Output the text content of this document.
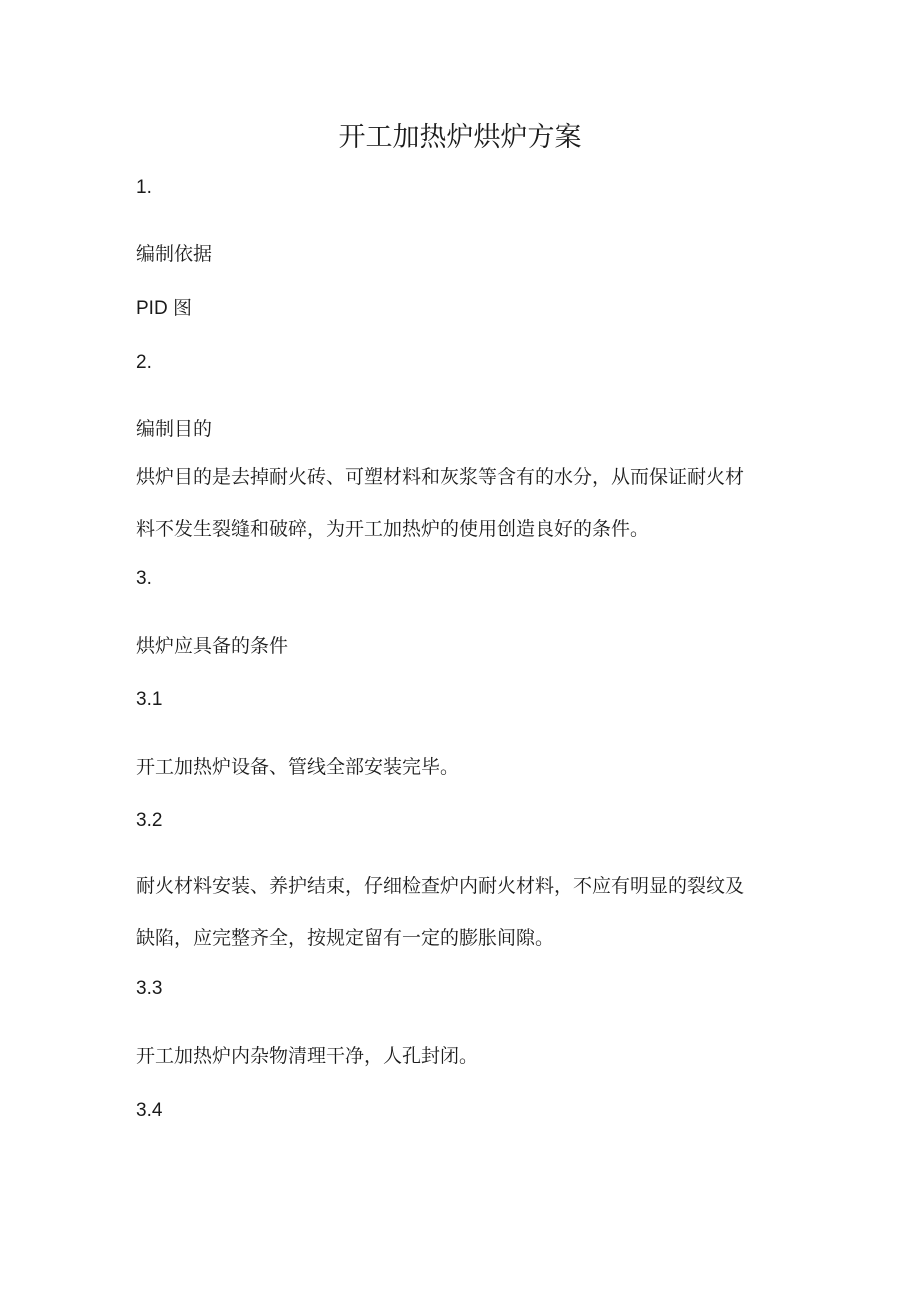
开工加热炉烘炉方案

1.

编制依据

PID 图

2.

编制目的

烘炉目的是去掉耐火砖、可塑材料和灰浆等含有的水分，从而保证耐火材
料不发生裂缝和破碎，为开工加热炉的使用创造良好的条件。

3.

烘炉应具备的条件

3.1

开工加热炉设备、管线全部安装完毕。

3.2

耐火材料安装、养护结束，仔细检查炉内耐火材料，不应有明显的裂纹及
缺陷，应完整齐全，按规定留有一定的膨胀间隙。

3.3

开工加热炉内杂物清理干净，人孔封闭。

3.4
